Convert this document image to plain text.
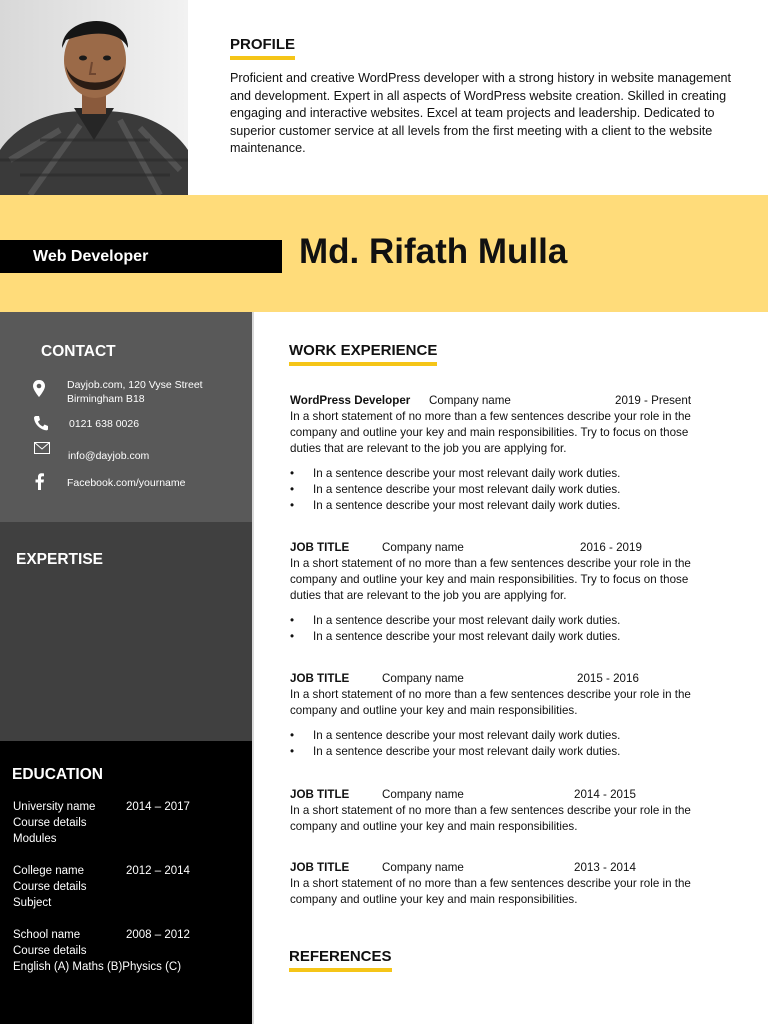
PROFILE

Proficient and creative WordPress developer with a strong history in website management and development. Expert in all aspects of WordPress website creation. Skilled in creating engaging and interactive websites. Excel at team projects and leadership. Dedicated to superior customer service at all levels from the first meeting with a client to the website maintenance.

Web Developer	Md. Rifath Mulla
CONTACT
Dayjob.com, 120 Vyse Street
Birmingham B18
0121 638 0026
info@dayjob.com
Facebook.com/yourname
EXPERTISE
EDUCATION
University name	2014 – 2017
Course details
Modules
College name	2012 – 2014
Course details
Subject
School name	2008 – 2012
Course details
English (A) Maths (B)Physics (C)
WORK EXPERIENCE
WordPress Developer Company name	2019 - Present

In a short statement of no more than a few sentences describe your role in the company and outline your key and main responsibilities. Try to focus on those duties that are relevant to the job you are applying for.

• In a sentence describe your most relevant daily work duties.
• In a sentence describe your most relevant daily work duties.
• In a sentence describe your most relevant daily work duties.
JOB TITLE	Company name	2016 - 2019

In a short statement of no more than a few sentences describe your role in the company and outline your key and main responsibilities. Try to focus on those duties that are relevant to the job you are applying for.

• In a sentence describe your most relevant daily work duties.
• In a sentence describe your most relevant daily work duties.
JOB TITLE	Company name	2015 - 2016

In a short statement of no more than a few sentences describe your role in the company and outline your key and main responsibilities.

• In a sentence describe your most relevant daily work duties.
• In a sentence describe your most relevant daily work duties.
JOB TITLE	Company name	2014 - 2015

In a short statement of no more than a few sentences describe your role in the company and outline your key and main responsibilities.

JOB TITLE	Company name	2013 - 2014

In a short statement of no more than a few sentences describe your role in the company and outline your key and main responsibilities.

REFERENCES
